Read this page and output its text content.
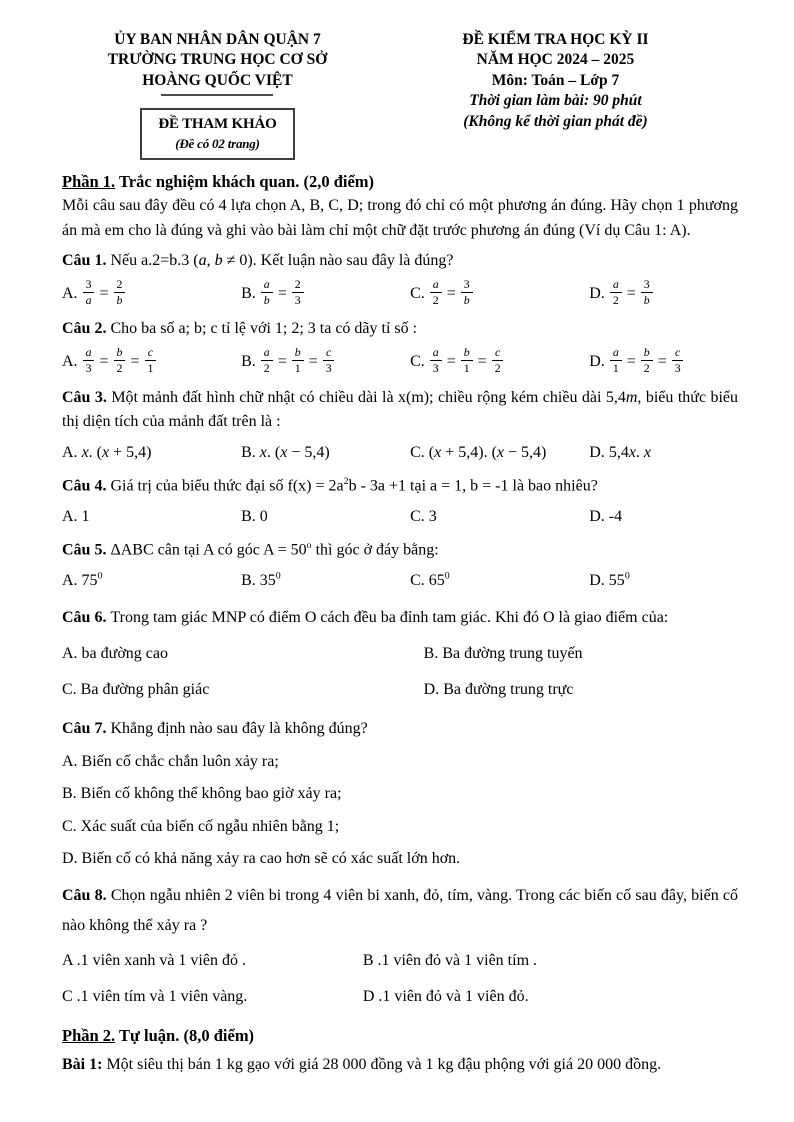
ỦY BAN NHÂN DÂN QUẬN 7
TRƯỜNG TRUNG HỌC CƠ SỞ
HOÀNG QUỐC VIỆT
ĐỀ THAM KHẢO
(Đề có 02 trang)
ĐỀ KIỂM TRA HỌC KỲ II
NĂM HỌC 2024 – 2025
Môn: Toán – Lớp 7
Thời gian làm bài: 90 phút
(Không kể thời gian phát đề)

Phần 1. Trắc nghiệm khách quan. (2,0 điểm)

Mỗi câu sau đây đều có 4 lựa chọn A, B, C, D; trong đó chỉ có một phương án đúng. Hãy chọn 1 phương án mà em cho là đúng và ghi vào bài làm chỉ một chữ đặt trước phương án đúng (Ví dụ Câu 1: A).

Câu 1. Nếu a.2=b.3 (a, b ≠ 0). Kết luận nào sau đây là đúng?

A. $\frac{3}{a} = \frac{2}{b}$	B. $\frac{a}{b} = \frac{2}{3}$	C. $\frac{a}{2} = \frac{3}{b}$	D. $\frac{a}{2} = \frac{3}{b}$

Câu 2. Cho ba số a; b; c tỉ lệ với 1; 2; 3 ta có dãy tỉ số :

A. $\frac{a}{3} = \frac{b}{2} = \frac{c}{1}$	B. $\frac{a}{2} = \frac{b}{1} = \frac{c}{3}$	C. $\frac{a}{3} = \frac{b}{1} = \frac{c}{2}$	D. $\frac{a}{1} = \frac{b}{2} = \frac{c}{3}$

Câu 3. Một mảnh đất hình chữ nhật có chiều dài là x(m); chiều rộng kém chiều dài 5,4m, biểu thức biểu thị diện tích của mảnh đất trên là :

A. x. (x + 5,4)	B. x. (x − 5,4)	C. (x + 5,4). (x − 5,4)	D. 5,4x. x

Câu 4. Giá trị của biểu thức đại số $f(x) = 2a^2b - 3a +1$ tại a = 1, b = -1 là bao nhiêu?

A. 1	B. 0	C. 3	D. -4

Câu 5. ΔABC cân tại A có góc $A = 50^o$ thì góc ở đáy bằng:

A. $75^0$	B. $35^0$	C. $65^0$	D. $55^0$

Câu 6. Trong tam giác MNP có điểm O cách đều ba đỉnh tam giác. Khi đó O là giao điểm của:

A. ba đường cao	B. Ba đường trung tuyến
C. Ba đường phân giác	D. Ba đường trung trực

Câu 7. Khẳng định nào sau đây là không đúng?

A. Biến cố chắc chắn luôn xảy ra;
B. Biến cố không thể không bao giờ xảy ra;
C. Xác suất của biến cố ngẫu nhiên bằng 1;
D. Biến cố có khả năng xảy ra cao hơn sẽ có xác suất lớn hơn.

Câu 8. Chọn ngẫu nhiên 2 viên bi trong 4 viên bi xanh, đỏ, tím, vàng. Trong các biến cố sau đây, biến cố nào không thể xảy ra ?

A .1 viên xanh và 1 viên đỏ .	B .1 viên đỏ và 1 viên tím .
C .1 viên tím và 1 viên vàng.	D .1 viên đỏ và 1 viên đỏ.

Phần 2. Tự luận. (8,0 điểm)

Bài 1: Một siêu thị bán 1 kg gạo với giá 28 000 đồng và 1 kg đậu phộng với giá 20 000 đồng.
